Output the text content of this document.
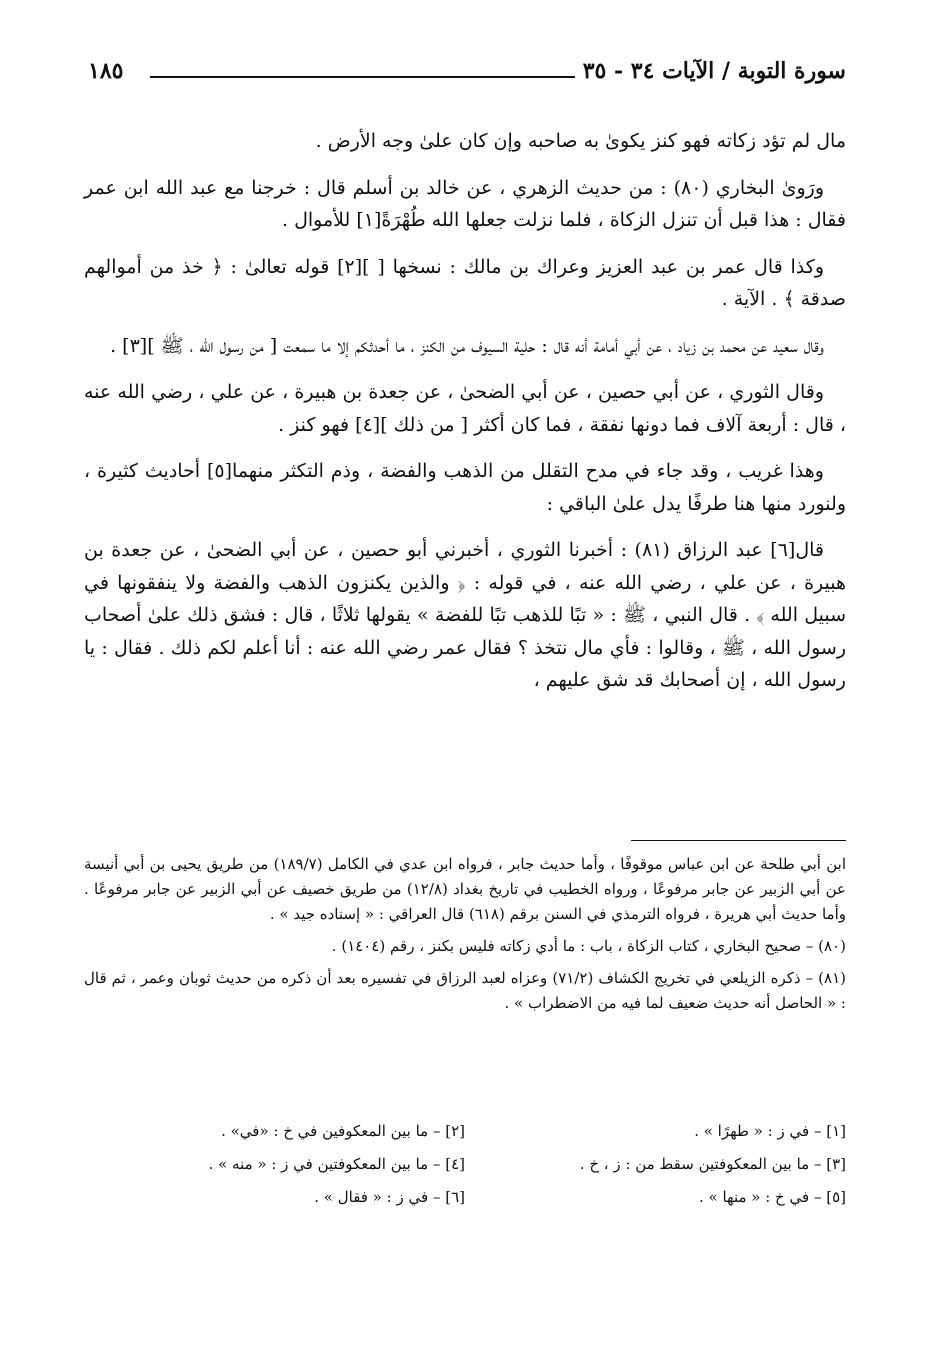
سورة التوبة / الآيات ٣٤ - ٣٥
١٨٥

مال لم تؤد زكاته فهو كنز يكوىٰ به صاحبه وإن كان علىٰ وجه الأرض .

ورَوىٰ البخاري (٨٠) : من حديث الزهري ، عن خالد بن أسلم قال : خرجنا مع عبد الله ابن عمر فقال : هذا قبل أن تنزل الزكاة ، فلما نزلت جعلها الله طُهْرَةً[١] للأموال .

وكذا قال عمر بن عبد العزيز وعراك بن مالك : نسخها [ ][٢] قوله تعالىٰ : ﴿ خذ من أموالهم صدقة ﴾ . الآية .

وقال سعيد عن محمد بن زياد ، عن أبي أمامة أنه قال : حلية السيوف من الكنز ، ما أحدثكم إلا ما سمعت [ من رسول الله ، ﷺ ][٣] .

وقال الثوري ، عن أبي حصين ، عن أبي الضحىٰ ، عن جعدة بن هبيرة ، عن علي ، رضي الله عنه ، قال : أربعة آلاف فما دونها نفقة ، فما كان أكثر [ من ذلك ][٤] فهو كنز .

وهذا غريب ، وقد جاء في مدح التقلل من الذهب والفضة ، وذم التكثر منهما[٥] أحاديث كثيرة ، ولنورد منها هنا طرفًا يدل علىٰ الباقي :

قال[٦] عبد الرزاق (٨١) : أخبرنا الثوري ، أخبرني أبو حصين ، عن أبي الضحىٰ ، عن جعدة بن هبيرة ، عن علي ، رضي الله عنه ، في قوله : ﴿ والذين يكنزون الذهب والفضة ولا ينفقونها في سبيل الله ﴾ . قال النبي ، ﷺ : « تبًا للذهب تبًا للفضة » يقولها ثلاثًا ، قال : فشق ذلك علىٰ أصحاب رسول الله ، ﷺ ، وقالوا : فأي مال نتخذ ؟ فقال عمر رضي الله عنه : أنا أعلم لكم ذلك . فقال : يا رسول الله ، إن أصحابك قد شق عليهم ،

ابن أبي طلحة عن ابن عباس موقوفًا ، وأما حديث جابر ، فرواه ابن عدي في الكامل (١٨٩/٧) من طريق يحيى بن أبي أنيسة عن أبي الزبير عن جابر مرفوعًا ، ورواه الخطيب في تاريخ بغداد (١٢/٨) من طريق خصيف عن أبي الزبير عن جابر مرفوعًا . وأما حديث أبي هريرة ، فرواه الترمذي في السنن برقم (٦١٨) قال العراقي : « إسناده جيد » .

(٨٠) – صحيح البخاري ، كتاب الزكاة ، باب : ما أدي زكاته فليس بكنز ، رقم (١٤٠٤) .

(٨١) – ذكره الزيلعي في تخريج الكشاف (٧١/٢) وعزاه لعبد الرزاق في تفسيره بعد أن ذكره من حديث ثوبان وعمر ، ثم قال : « الحاصل أنه حديث ضعيف لما فيه من الاضطراب » .

[١] – في ز : « طهرًا » .
[٢] – ما بين المعكوفين في خ : «في» .
[٣] – ما بين المعكوفتين سقط من : ز ، خ .
[٤] – ما بين المعكوفتين في ز : « منه » .
[٥] – في خ : « منها » .
[٦] – في ز : « فقال » .
